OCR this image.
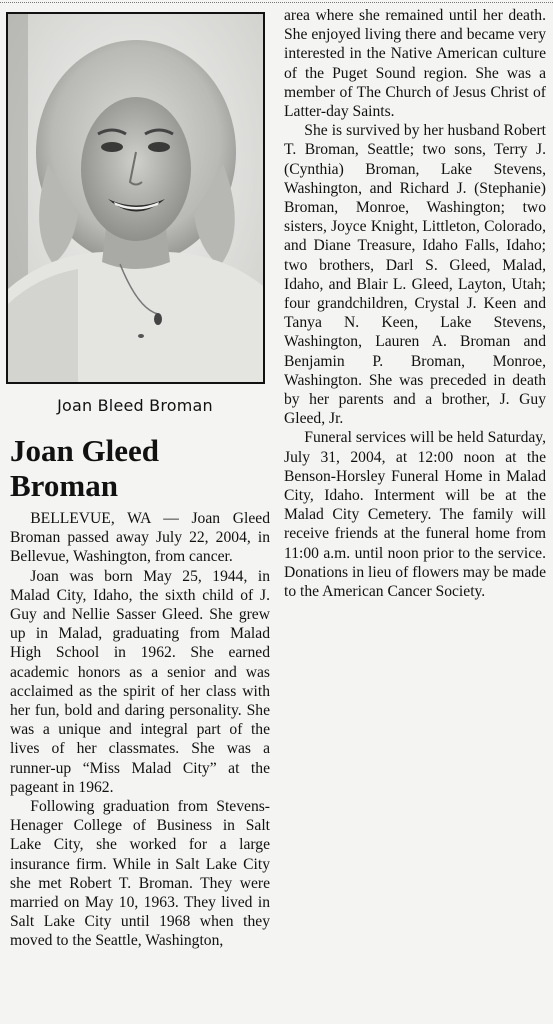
Joan Bleed Broman
Joan Gleed Broman

BELLEVUE, WA — Joan Gleed Broman passed away July 22, 2004, in Bellevue, Washington, from cancer.

Joan was born May 25, 1944, in Malad City, Idaho, the sixth child of J. Guy and Nellie Sasser Gleed. She grew up in Malad, graduating from Malad High School in 1962. She earned academic honors as a senior and was acclaimed as the spirit of her class with her fun, bold and daring personality. She was a unique and integral part of the lives of her classmates. She was a runner-up “Miss Malad City” at the pageant in 1962.

Following graduation from Stevens-Henager College of Business in Salt Lake City, she worked for a large insurance firm. While in Salt Lake City she met Robert T. Broman. They were married on May 10, 1963. They lived in Salt Lake City until 1968 when they moved to the Seattle, Washington,

area where she remained until her death. She enjoyed living there and became very interested in the Native American culture of the Puget Sound region. She was a member of The Church of Jesus Christ of Latter-day Saints.

She is survived by her husband Robert T. Broman, Seattle; two sons, Terry J. (Cynthia) Broman, Lake Stevens, Washington, and Richard J. (Stephanie) Broman, Monroe, Washington; two sisters, Joyce Knight, Littleton, Colorado, and Diane Treasure, Idaho Falls, Idaho; two brothers, Darl S. Gleed, Malad, Idaho, and Blair L. Gleed, Layton, Utah; four grandchildren, Crystal J. Keen and Tanya N. Keen, Lake Stevens, Washington, Lauren A. Broman and Benjamin P. Broman, Monroe, Washington. She was preceded in death by her parents and a brother, J. Guy Gleed, Jr.

Funeral services will be held Saturday, July 31, 2004, at 12:00 noon at the Benson-Horsley Funeral Home in Malad City, Idaho. Interment will be at the Malad City Cemetery. The family will receive friends at the funeral home from 11:00 a.m. until noon prior to the service. Donations in lieu of flowers may be made to the American Cancer Society.
